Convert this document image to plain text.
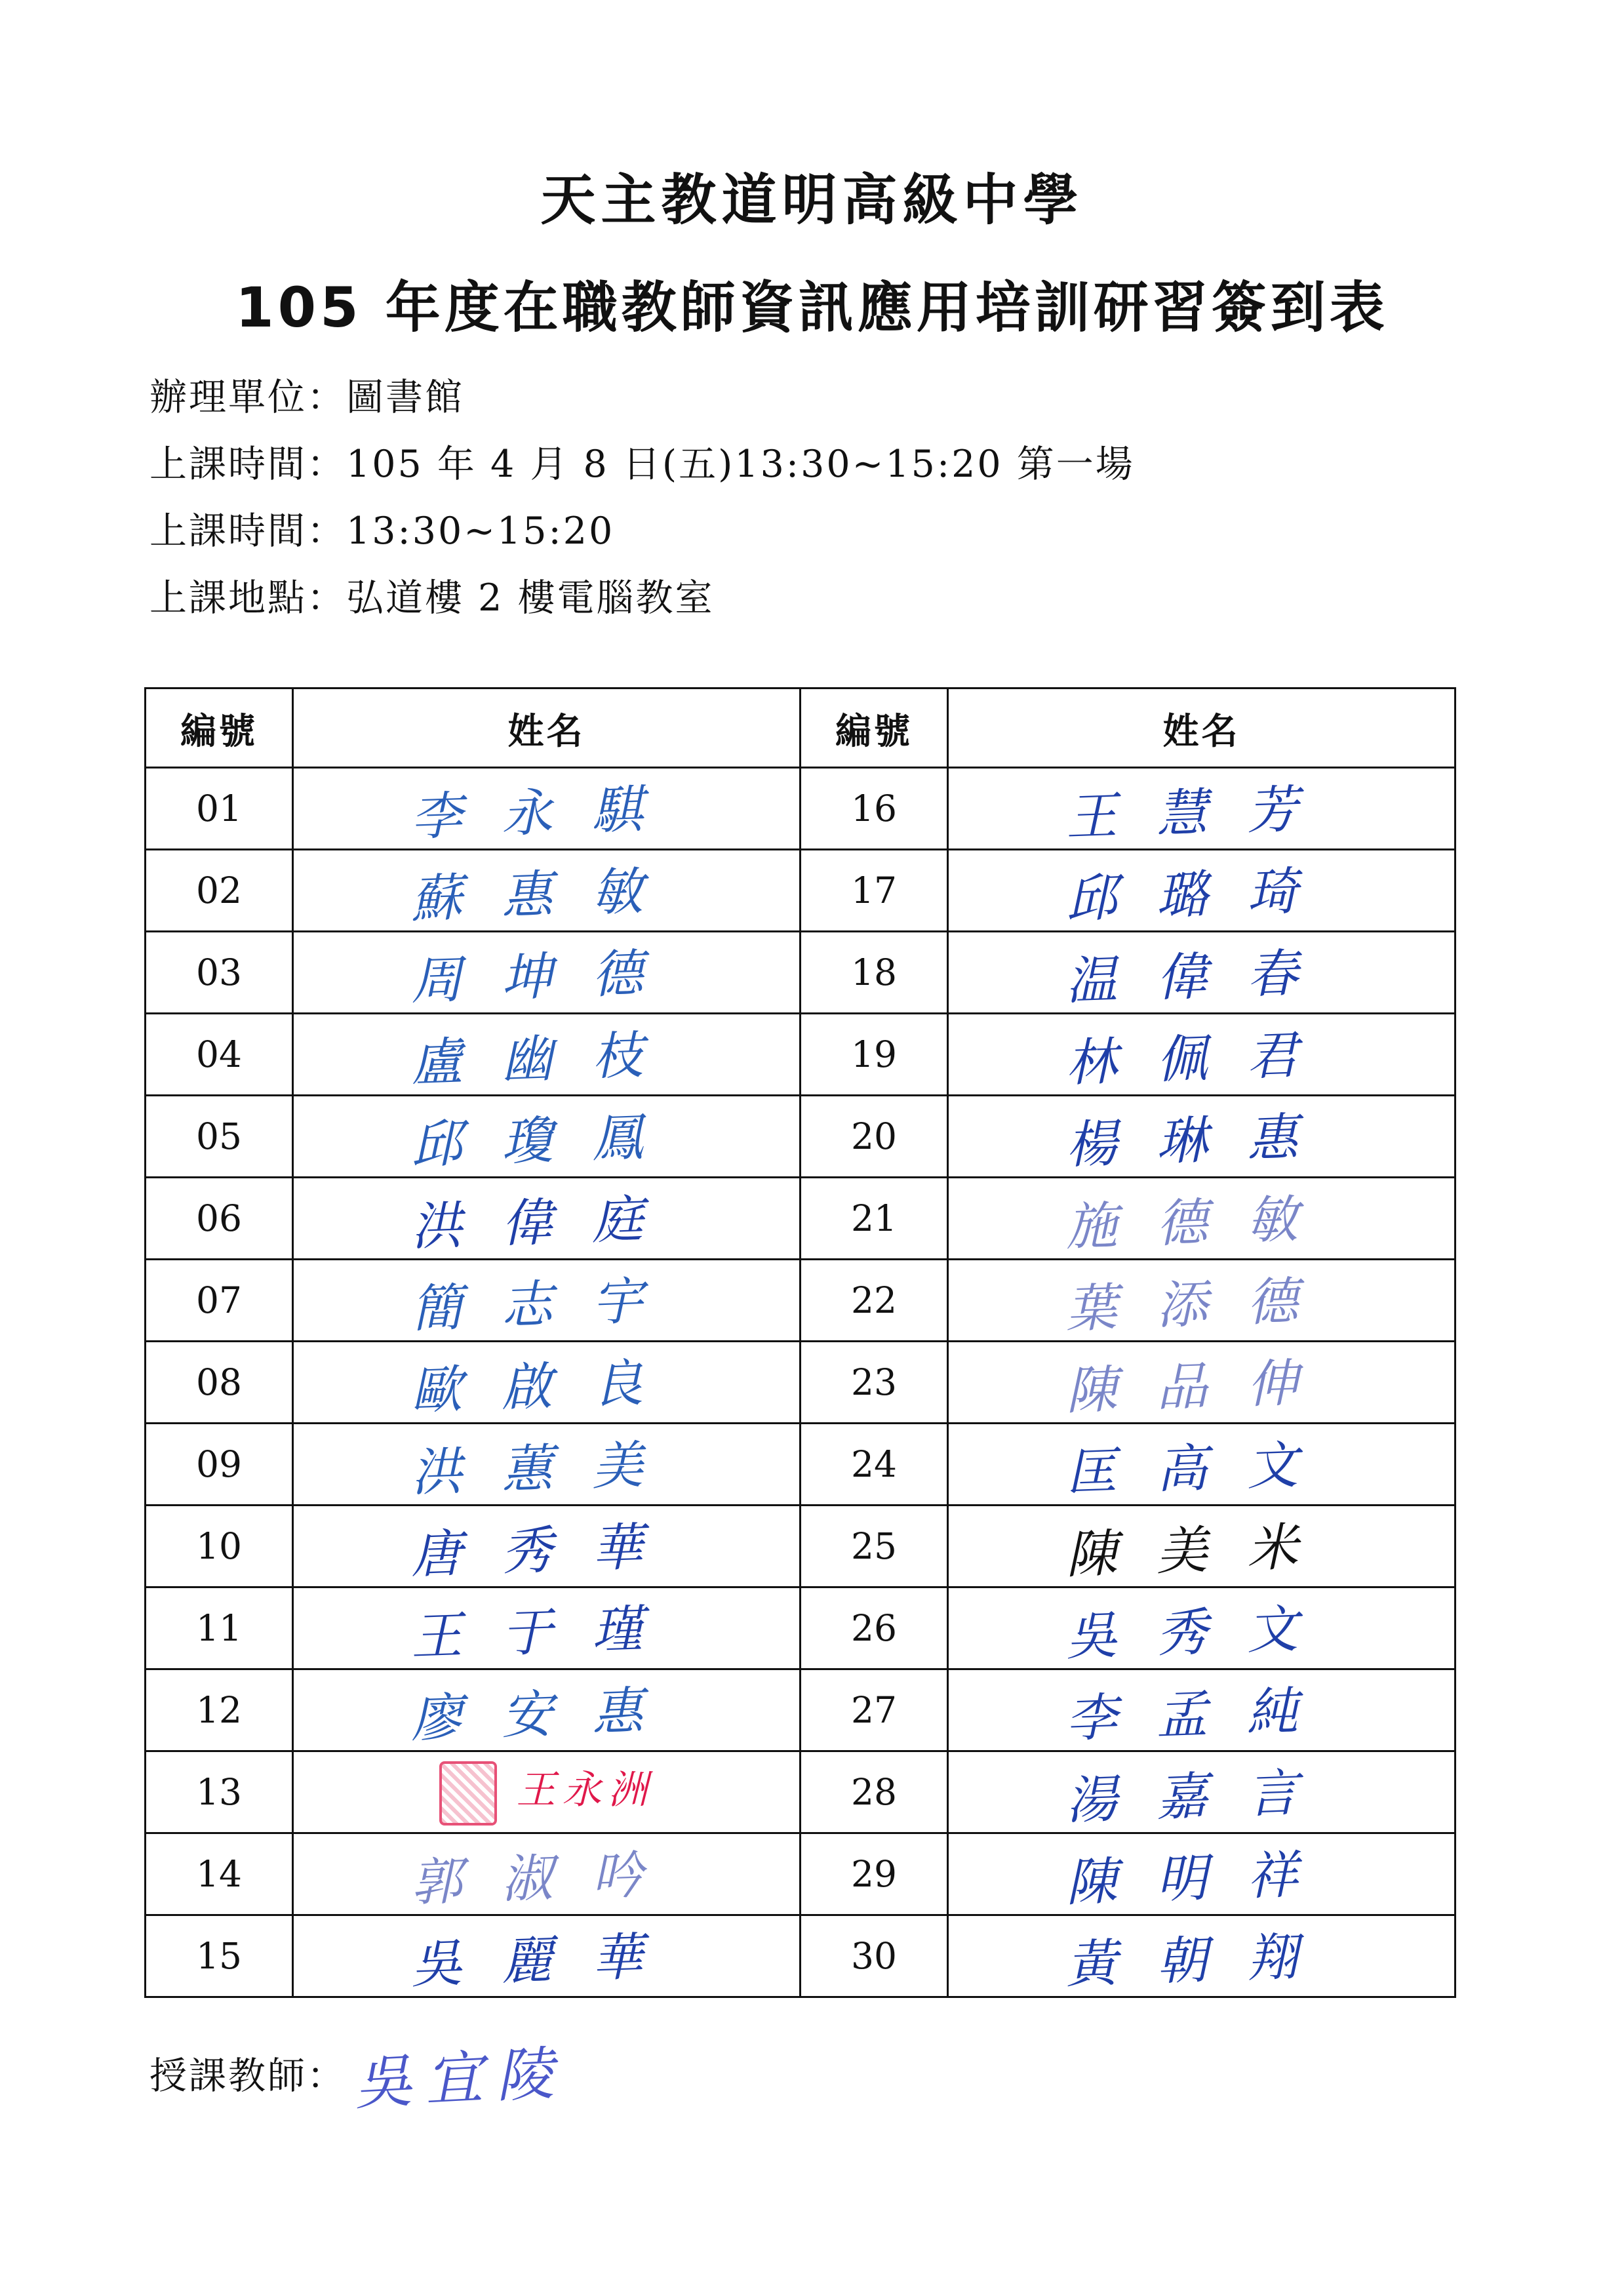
天主教道明高級中學
105 年度在職教師資訊應用培訓研習簽到表
辦理單位 ： 圖書館
上課時間 ： 105 年 4 月 8 日(五)13:30~15:20 第一場
上課時間 ： 13:30~15:20
上課地點 ： 弘道樓 2 樓電腦教室
編號	姓名	編號	姓名
01	李永騏	16	王慧芳

02	蘇惠敏	17	邱璐琦

03	周坤德	18	温偉春

04	盧幽枝	19	林佩君

05	邱瓊鳳	20	楊琳惠

06	洪偉庭	21	施德敏

07	簡志宇	22	葉添德

08	歐啟良	23	陳品伸

09	洪蕙美	24	匡高文

10	唐秀華	25	陳美米

11	王于瑾	26	吳秀文

12	廖安惠	27	李孟純

13	王永洲	28	湯嘉言

14	郭淑吟	29	陳明祥

15	吳麗華	30	黃朝翔
授課教師： 吳宜陵
